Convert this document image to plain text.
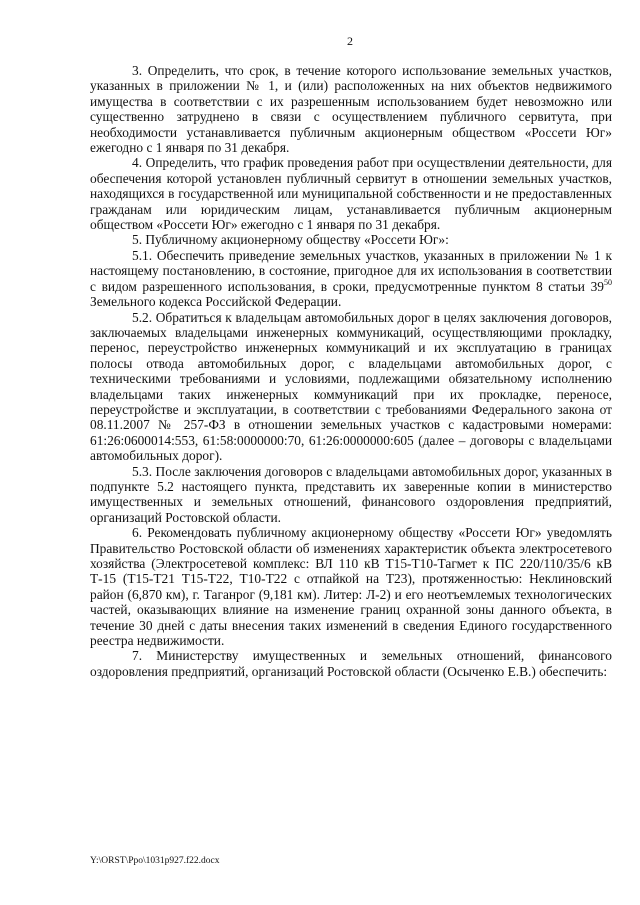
2

3. Определить, что срок, в течение которого использование земельных участков, указанных в приложении № 1, и (или) расположенных на них объектов недвижимого имущества в соответствии с их разрешенным использованием будет невозможно или существенно затруднено в связи с осуществлением публичного сервитута, при необходимости устанавливается публичным акционерным обществом «Россети Юг» ежегодно с 1 января по 31 декабря.

4. Определить, что график проведения работ при осуществлении деятельности, для обеспечения которой установлен публичный сервитут в отношении земельных участков, находящихся в государственной или муниципальной собственности и не предоставленных гражданам или юридическим лицам, устанавливается публичным акционерным обществом «Россети Юг» ежегодно с 1 января по 31 декабря.

5. Публичному акционерному обществу «Россети Юг»:

5.1. Обеспечить приведение земельных участков, указанных в приложении № 1 к настоящему постановлению, в состояние, пригодное для их использования в соответствии с видом разрешенного использования, в сроки, предусмотренные пунктом 8 статьи $39^{50}$ Земельного кодекса Российской Федерации.

5.2. Обратиться к владельцам автомобильных дорог в целях заключения договоров, заключаемых владельцами инженерных коммуникаций, осуществляющими прокладку, перенос, переустройство инженерных коммуникаций и их эксплуатацию в границах полосы отвода автомобильных дорог, с владельцами автомобильных дорог, с техническими требованиями и условиями, подлежащими обязательному исполнению владельцами таких инженерных коммуникаций при их прокладке, переносе, переустройстве и эксплуатации, в соответствии с требованиями Федерального закона от 08.11.2007 № 257-ФЗ в отношении земельных участков с кадастровыми номерами: 61:26:0600014:553, 61:58:0000000:70, 61:26:0000000:605 (далее – договоры с владельцами автомобильных дорог).

5.3. После заключения договоров с владельцами автомобильных дорог, указанных в подпункте 5.2 настоящего пункта, представить их заверенные копии в министерство имущественных и земельных отношений, финансового оздоровления предприятий, организаций Ростовской области.

6. Рекомендовать публичному акционерному обществу «Россети Юг» уведомлять Правительство Ростовской области об изменениях характеристик объекта электросетевого хозяйства (Электросетевой комплекс: ВЛ 110 кВ Т15-Т10-Тагмет к ПС 220/110/35/6 кВ Т-15 (Т15-Т21 Т15-Т22, Т10-Т22 с отпайкой на Т23), протяженностью: Неклиновский район (6,870 км), г. Таганрог (9,181 км). Литер: Л-2) и его неотъемлемых технологических частей, оказывающих влияние на изменение границ охранной зоны данного объекта, в течение 30 дней с даты внесения таких изменений в сведения Единого государственного реестра недвижимости.

7. Министерству имущественных и земельных отношений, финансового оздоровления предприятий, организаций Ростовской области (Осыченко Е.В.) обеспечить:

Y:\ORST\Ppo\1031p927.f22.docx
